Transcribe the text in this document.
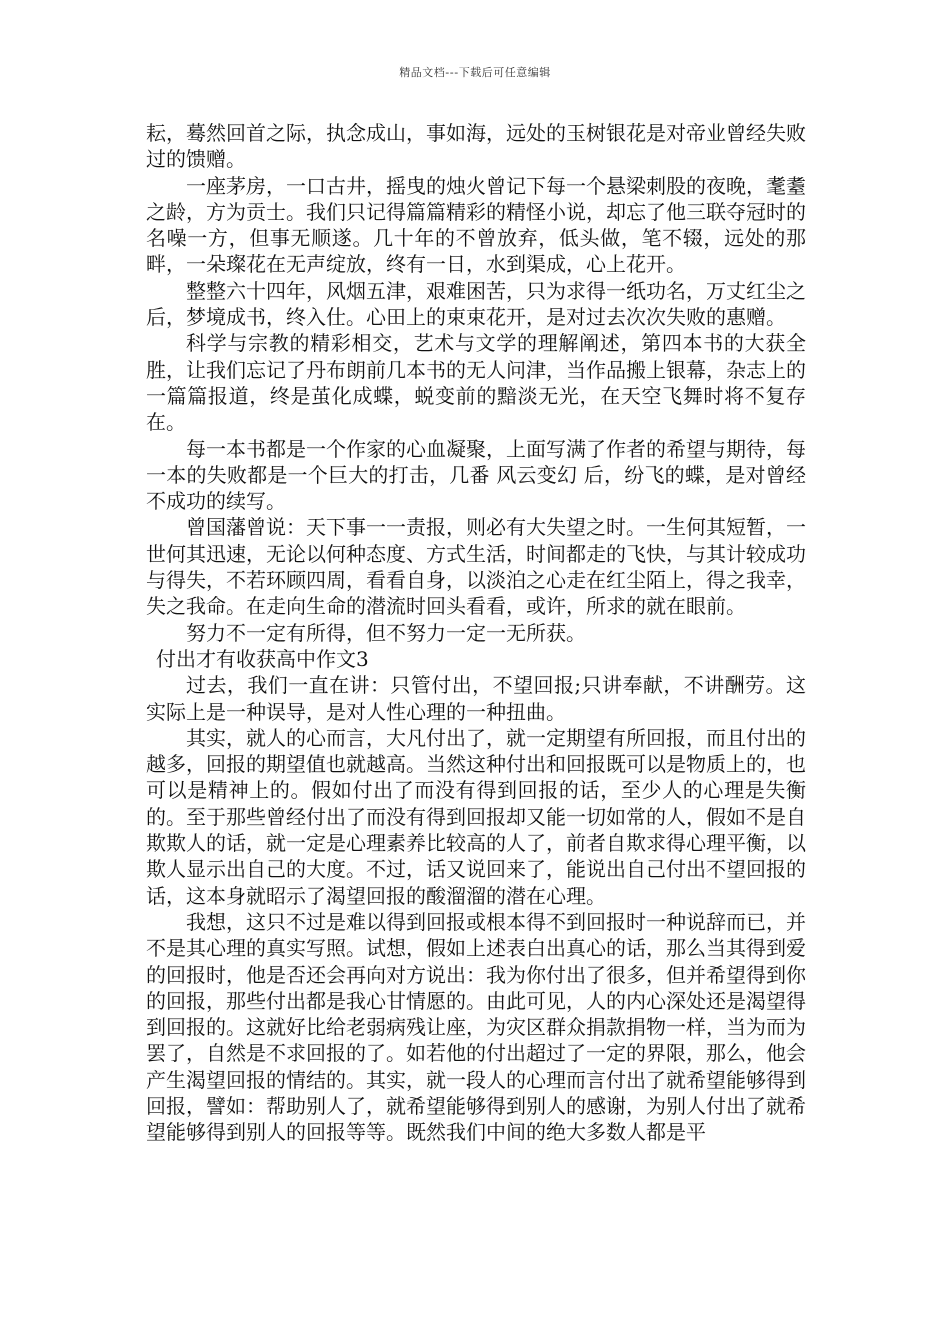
精品文档---下载后可任意编辑

耘，蓦然回首之际，执念成山，事如海，远处的玉树银花是对帝业曾经失败过的馈赠。

一座茅房，一口古井，摇曳的烛火曾记下每一个悬梁刺股的夜晚，耄耋之龄，方为贡士。我们只记得篇篇精彩的精怪小说，却忘了他三联夺冠时的名噪一方，但事无顺遂。几十年的不曾放弃，低头做，笔不辍，远处的那畔，一朵璨花在无声绽放，终有一日，水到渠成，心上花开。

整整六十四年，风烟五津，艰难困苦，只为求得一纸功名，万丈红尘之后，梦境成书，终入仕。心田上的束束花开，是对过去次次失败的惠赠。

科学与宗教的精彩相交，艺术与文学的理解阐述，第四本书的大获全胜，让我们忘记了丹布朗前几本书的无人问津，当作品搬上银幕，杂志上的一篇篇报道，终是茧化成蝶，蜕变前的黯淡无光，在天空飞舞时将不复存在。

每一本书都是一个作家的心血凝聚，上面写满了作者的希望与期待，每一本的失败都是一个巨大的打击，几番 风云变幻 后，纷飞的蝶，是对曾经不成功的续写。

曾国藩曾说：天下事一一责报，则必有大失望之时。一生何其短暂，一世何其迅速，无论以何种态度、方式生活，时间都走的飞快，与其计较成功与得失，不若环顾四周，看看自身，以淡泊之心走在红尘陌上，得之我幸，失之我命。在走向生命的潜流时回头看看，或许，所求的就在眼前。

努力不一定有所得，但不努力一定一无所获。

付出才有收获高中作文3

过去，我们一直在讲：只管付出，不望回报;只讲奉献，不讲酬劳。这实际上是一种误导，是对人性心理的一种扭曲。

其实，就人的心而言，大凡付出了，就一定期望有所回报，而且付出的越多，回报的期望值也就越高。当然这种付出和回报既可以是物质上的，也可以是精神上的。假如付出了而没有得到回报的话，至少人的心理是失衡的。至于那些曾经付出了而没有得到回报却又能一切如常的人，假如不是自欺欺人的话，就一定是心理素养比较高的人了，前者自欺求得心理平衡，以欺人显示出自己的大度。不过，话又说回来了，能说出自己付出不望回报的话，这本身就昭示了渴望回报的酸溜溜的潜在心理。

我想，这只不过是难以得到回报或根本得不到回报时一种说辞而已，并不是其心理的真实写照。试想，假如上述表白出真心的话，那么当其得到爱的回报时，他是否还会再向对方说出：我为你付出了很多，但并希望得到你的回报，那些付出都是我心甘情愿的。由此可见，人的内心深处还是渴望得到回报的。这就好比给老弱病残让座，为灾区群众捐款捐物一样，当为而为罢了，自然是不求回报的了。如若他的付出超过了一定的界限，那么，他会产生渴望回报的情结的。其实，就一段人的心理而言付出了就希望能够得到回报，譬如：帮助别人了，就希望能够得到别人的感谢，为别人付出了就希望能够得到别人的回报等等。既然我们中间的绝大多数人都是平
